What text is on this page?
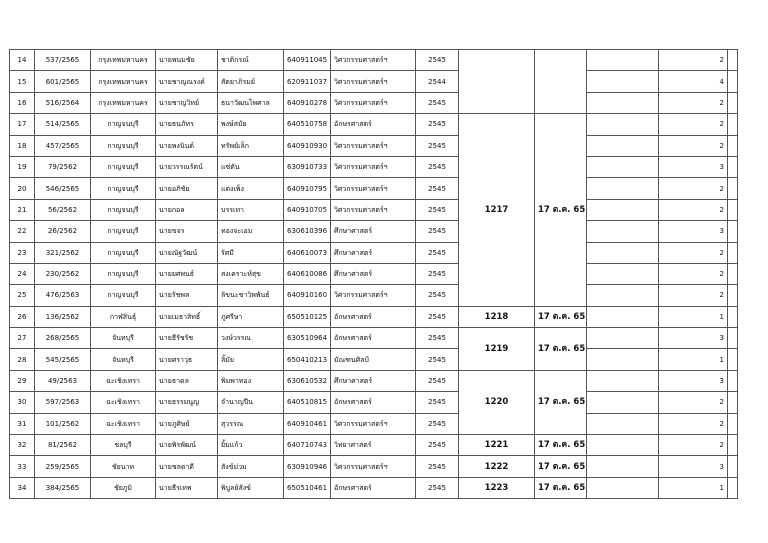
14	537/2565	กรุงเทพมหานคร	นายพนมชัย	ชาติกรณ์	640911045	วิศวกรรมศาสตร์ฯ	2545				2	
15	601/2565	กรุงเทพมหานคร	นายชาญณรงค์	สัตยาภิรมย์	620911037	วิศวกรรมศาสตร์ฯ	2544				4	
16	516/2564	กรุงเทพมหานคร	นายชาญวิทย์	ธนาวัฒนไพศาล	640910278	วิศวกรรมศาสตร์ฯ	2545				2	
17	514/2565	กาญจนบุรี	นายธนภัทร	พงษ์สมัย	640510758	อักษรศาสตร์	2545	1217	17 ต.ค. 65		2	
18	457/2565	กาญจนบุรี	นายพงนินต์	ทรัพย์เล็ก	640910930	วิศวกรรมศาสตร์ฯ	2545				2	
19	79/2562	กาญจนบุรี	นายวรรณรัตน์	แซ่ตัน	630910733	วิศวกรรมศาสตร์ฯ	2545				3	
20	546/2565	กาญจนบุรี	นายอภิชัย	แตงเพ็ง	640910795	วิศวกรรมศาสตร์ฯ	2545				2	
21	56/2562	กาญจนบุรี	นายกอล	บรรเทา	640910705	วิศวกรรมศาสตร์ฯ	2545				2	
22	26/2562	กาญจนบุรี	นายขจร	ทองจะเอม	630610396	ศึกษาศาสตร์	2545				3	
23	321/2562	กาญจนบุรี	นายณัฐวัฒน์	รัศมี	640610073	ศึกษาศาสตร์	2545				2	
24	230/2562	กาญจนบุรี	นายยศพนธ์	สงเคราะห์สุข	640610086	ศึกษาศาสตร์	2545				2	
25	476/2563	กาญจนบุรี	นายรัชพล	ลิขนะชาวิพพันธ์	640910160	วิศวกรรมศาสตร์ฯ	2545				2	
26	136/2562	กาฬสินธุ์	นายเมธาสิทธิ์	ภูศรีษา	650510125	อักษรศาสตร์	2545	1218	17 ต.ค. 65		1	
27	268/2565	จันทบุรี	นายธีรัชรัช	วงษ์วรรณ	630510964	อักษรศาสตร์	2545	1219	17 ต.ค. 65		3	
28	545/2565	จันทบุรี	นายศราวุธ	ลิ้มัย	650410213	มัณฑนศิลป์	2545				1	
29	49/2563	ฉะเชิงเทรา	นายธาดล	พิมพาทอง	630610532	ศึกษาศาสตร์	2545	1220	17 ต.ค. 65		3	
30	597/2563	ฉะเชิงเทรา	นายธรรมนูญ	จำนาญปีน	640510815	อักษรศาสตร์	2545				2	
31	101/2562	ฉะเชิงเทรา	นายภูศิษย์	สุวรรณ	640910461	วิศวกรรมศาสตร์ฯ	2545				2	
32	81/2562	ชลบุรี	นายพิรพัฒน์	ยิ้มแก้ว	640710743	วิทยาศาสตร์	2545	1221	17 ต.ค. 65		2	
33	259/2565	ชัยนาท	นายชลตาดี	สังข์ม่วม	630910946	วิศวกรรมศาสตร์ฯ	2545	1222	17 ต.ค. 65		3	
34	384/2565	ชัยภูมิ	นายธีรเทพ	พิบูลย์สังข์	650510461	อักษรศาสตร์	2545	1223	17 ต.ค. 65		1	
